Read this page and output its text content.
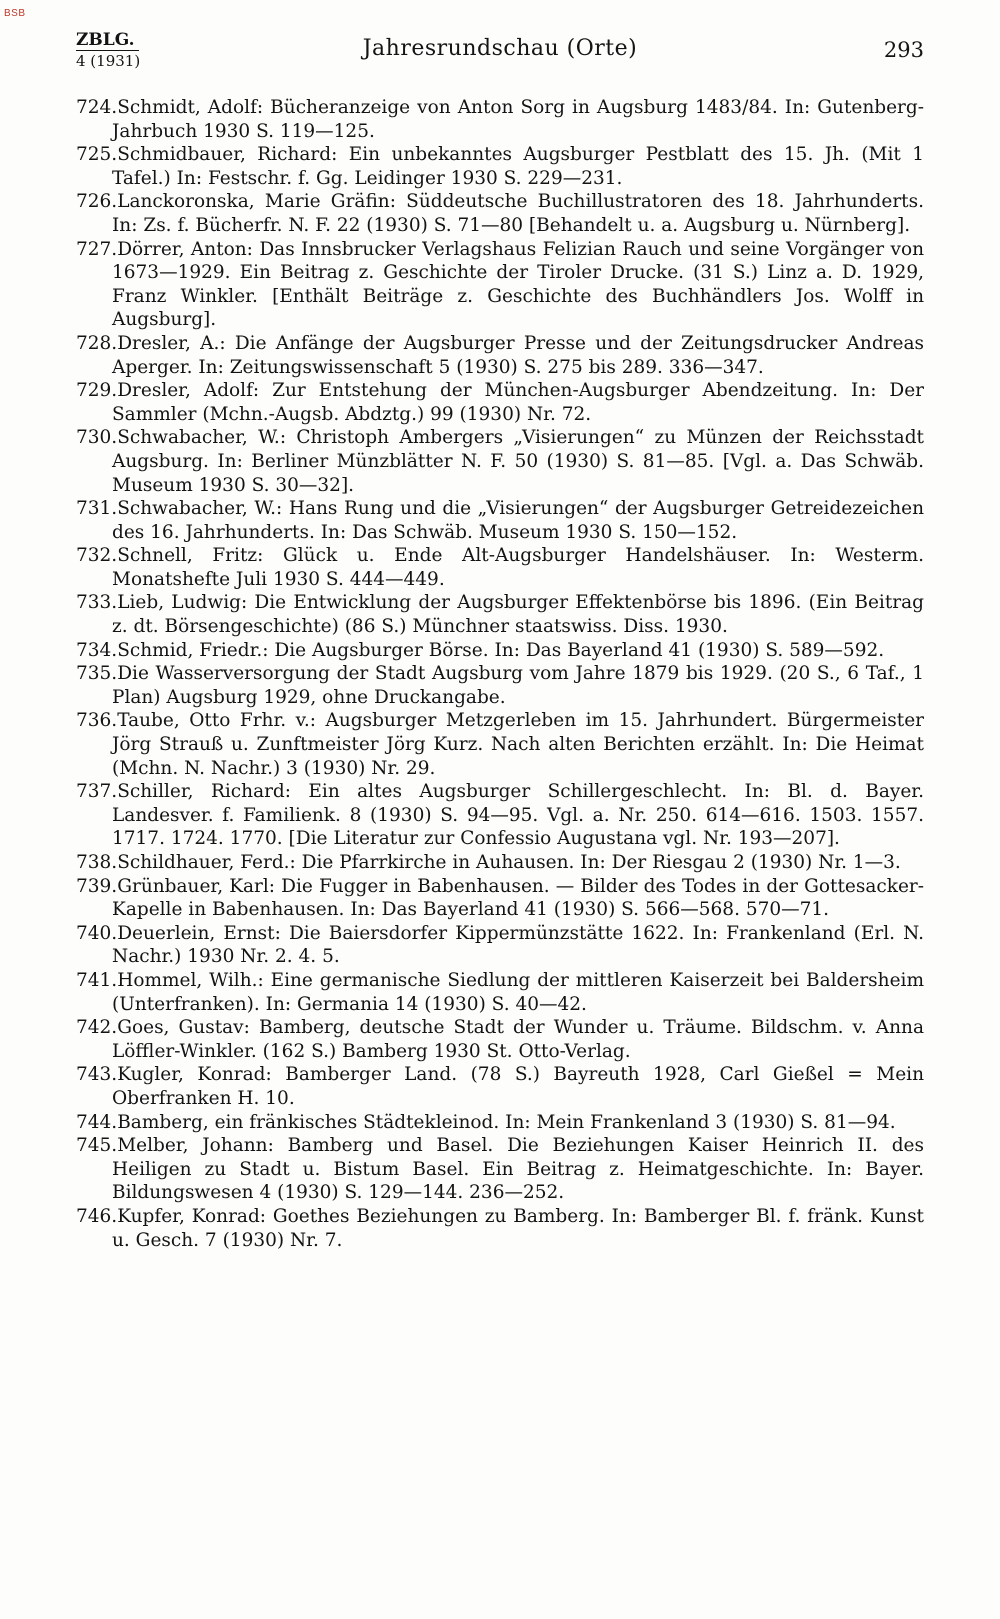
BSB
ZBLG.
4 (1931)	Jahresrundschau (Orte)	293

724.Schmidt, Adolf: Bücheranzeige von Anton Sorg in Augsburg 1483/84. In: Gutenberg-Jahrbuch 1930 S. 119—125.

725.Schmidbauer, Richard: Ein unbekanntes Augsburger Pestblatt des 15. Jh. (Mit 1 Tafel.) In: Festschr. f. Gg. Leidinger 1930 S. 229—231.

726.Lanckoronska, Marie Gräfin: Süddeutsche Buchillustratoren des 18. Jahrhunderts. In: Zs. f. Bücherfr. N. F. 22 (1930) S. 71—80 [Behandelt u. a. Augsburg u. Nürnberg].

727.Dörrer, Anton: Das Innsbrucker Verlagshaus Felizian Rauch und seine Vorgänger von 1673—1929. Ein Beitrag z. Geschichte der Tiroler Drucke. (31 S.) Linz a. D. 1929, Franz Winkler. [Enthält Beiträge z. Geschichte des Buchhändlers Jos. Wolff in Augsburg].

728.Dresler, A.: Die Anfänge der Augsburger Presse und der Zeitungsdrucker Andreas Aperger. In: Zeitungswissenschaft 5 (1930) S. 275 bis 289. 336—347.

729.Dresler, Adolf: Zur Entstehung der München-Augsburger Abendzeitung. In: Der Sammler (Mchn.-Augsb. Abdztg.) 99 (1930) Nr. 72.

730.Schwabacher, W.: Christoph Ambergers „Visierungen“ zu Münzen der Reichsstadt Augsburg. In: Berliner Münzblätter N. F. 50 (1930) S. 81—85. [Vgl. a. Das Schwäb. Museum 1930 S. 30—32].

731.Schwabacher, W.: Hans Rung und die „Visierungen“ der Augsburger Getreidezeichen des 16. Jahrhunderts. In: Das Schwäb. Museum 1930 S. 150—152.

732.Schnell, Fritz: Glück u. Ende Alt-Augsburger Handelshäuser. In: Westerm. Monatshefte Juli 1930 S. 444—449.

733.Lieb, Ludwig: Die Entwicklung der Augsburger Effektenbörse bis 1896. (Ein Beitrag z. dt. Börsengeschichte) (86 S.) Münchner staatswiss. Diss. 1930.

734.Schmid, Friedr.: Die Augsburger Börse. In: Das Bayerland 41 (1930) S. 589—592.

735.Die Wasserversorgung der Stadt Augsburg vom Jahre 1879 bis 1929. (20 S., 6 Taf., 1 Plan) Augsburg 1929, ohne Druckangabe.

736.Taube, Otto Frhr. v.: Augsburger Metzgerleben im 15. Jahrhundert. Bürgermeister Jörg Strauß u. Zunftmeister Jörg Kurz. Nach alten Berichten erzählt. In: Die Heimat (Mchn. N. Nachr.) 3 (1930) Nr. 29.

737.Schiller, Richard: Ein altes Augsburger Schillergeschlecht. In: Bl. d. Bayer. Landesver. f. Familienk. 8 (1930) S. 94—95. Vgl. a. Nr. 250. 614—616. 1503. 1557. 1717. 1724. 1770. [Die Literatur zur Confessio Augustana vgl. Nr. 193—207].

738.Schildhauer, Ferd.: Die Pfarrkirche in Auhausen. In: Der Riesgau 2 (1930) Nr. 1—3.

739.Grünbauer, Karl: Die Fugger in Babenhausen. — Bilder des Todes in der Gottesacker-Kapelle in Babenhausen. In: Das Bayerland 41 (1930) S. 566—568. 570—71.

740.Deuerlein, Ernst: Die Baiersdorfer Kippermünzstätte 1622. In: Frankenland (Erl. N. Nachr.) 1930 Nr. 2. 4. 5.

741.Hommel, Wilh.: Eine germanische Siedlung der mittleren Kaiserzeit bei Baldersheim (Unterfranken). In: Germania 14 (1930) S. 40—42.

742.Goes, Gustav: Bamberg, deutsche Stadt der Wunder u. Träume. Bildschm. v. Anna Löffler-Winkler. (162 S.) Bamberg 1930 St. Otto-Verlag.

743.Kugler, Konrad: Bamberger Land. (78 S.) Bayreuth 1928, Carl Gießel = Mein Oberfranken H. 10.

744.Bamberg, ein fränkisches Städtekleinod. In: Mein Frankenland 3 (1930) S. 81—94.

745.Melber, Johann: Bamberg und Basel. Die Beziehungen Kaiser Heinrich II. des Heiligen zu Stadt u. Bistum Basel. Ein Beitrag z. Heimatgeschichte. In: Bayer. Bildungswesen 4 (1930) S. 129—144. 236—252.

746.Kupfer, Konrad: Goethes Beziehungen zu Bamberg. In: Bamberger Bl. f. fränk. Kunst u. Gesch. 7 (1930) Nr. 7.
